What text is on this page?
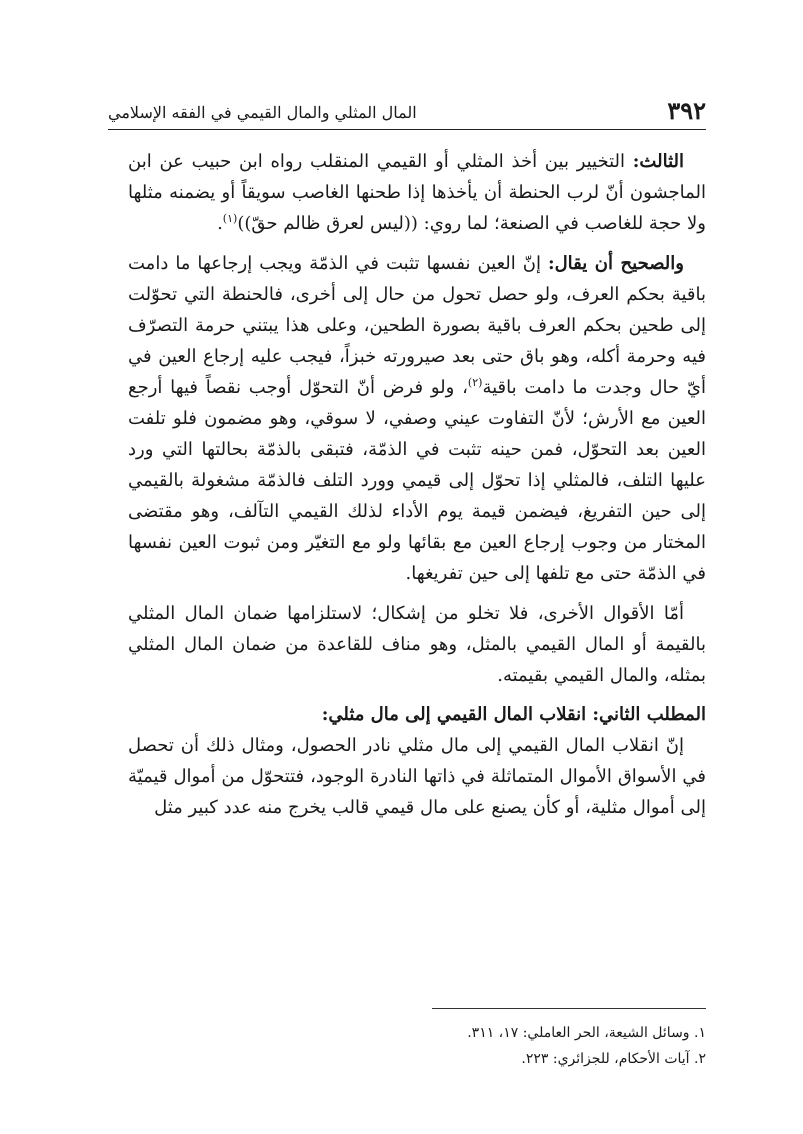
٣٩٢
المال المثلي والمال القيمي في الفقه الإسلامي

الثالث: التخيير بين أخذ المثلي أو القيمي المنقلب رواه ابن حبيب عن ابن الماجشون أنّ لرب الحنطة أن يأخذها إذا طحنها الغاصب سويقاً أو يضمنه مثلها ولا حجة للغاصب في الصنعة؛ لما روي: ((ليس لعرق ظالم حقّ))$^{(١)}$.

والصحيح أن يقال: إنّ العين نفسها تثبت في الذمّة ويجب إرجاعها ما دامت باقية بحكم العرف، ولو حصل تحول من حال إلى أخرى، فالحنطة التي تحوّلت إلى طحين بحكم العرف باقية بصورة الطحين، وعلى هذا يبتني حرمة التصرّف فيه وحرمة أكله، وهو باق حتى بعد صيرورته خبزاً، فيجب عليه إرجاع العين في أيّ حال وجدت ما دامت باقية$^{(٢)}$، ولو فرض أنّ التحوّل أوجب نقصاً فيها أرجع العين مع الأرش؛ لأنّ التفاوت عيني وصفي، لا سوقي، وهو مضمون فلو تلفت العين بعد التحوّل، فمن حينه تثبت في الذمّة، فتبقى بالذمّة بحالتها التي ورد عليها التلف، فالمثلي إذا تحوّل إلى قيمي وورد التلف فالذمّة مشغولة بالقيمي إلى حين التفريغ، فيضمن قيمة يوم الأداء لذلك القيمي التآلف، وهو مقتضى المختار من وجوب إرجاع العين مع بقائها ولو مع التغيّر ومن ثبوت العين نفسها في الذمّة حتى مع تلفها إلى حين تفريغها.

أمّا الأقوال الأخرى، فلا تخلو من إشكال؛ لاستلزامها ضمان المال المثلي بالقيمة أو المال القيمي بالمثل، وهو مناف للقاعدة من ضمان المال المثلي بمثله، والمال القيمي بقيمته.

المطلب الثاني: انقلاب المال القيمي إلى مال مثلي:

إنّ انقلاب المال القيمي إلى مال مثلي نادر الحصول، ومثال ذلك أن تحصل في الأسواق الأموال المتماثلة في ذاتها النادرة الوجود، فتتحوّل من أموال قيميّة إلى أموال مثلية، أو كأن يصنع على مال قيمي قالب يخرج منه عدد كبير مثل

١. وسائل الشيعة، الحر العاملي: ١٧، ٣١١.

٢. آيات الأحكام، للجزائري: ٢٢٣.
